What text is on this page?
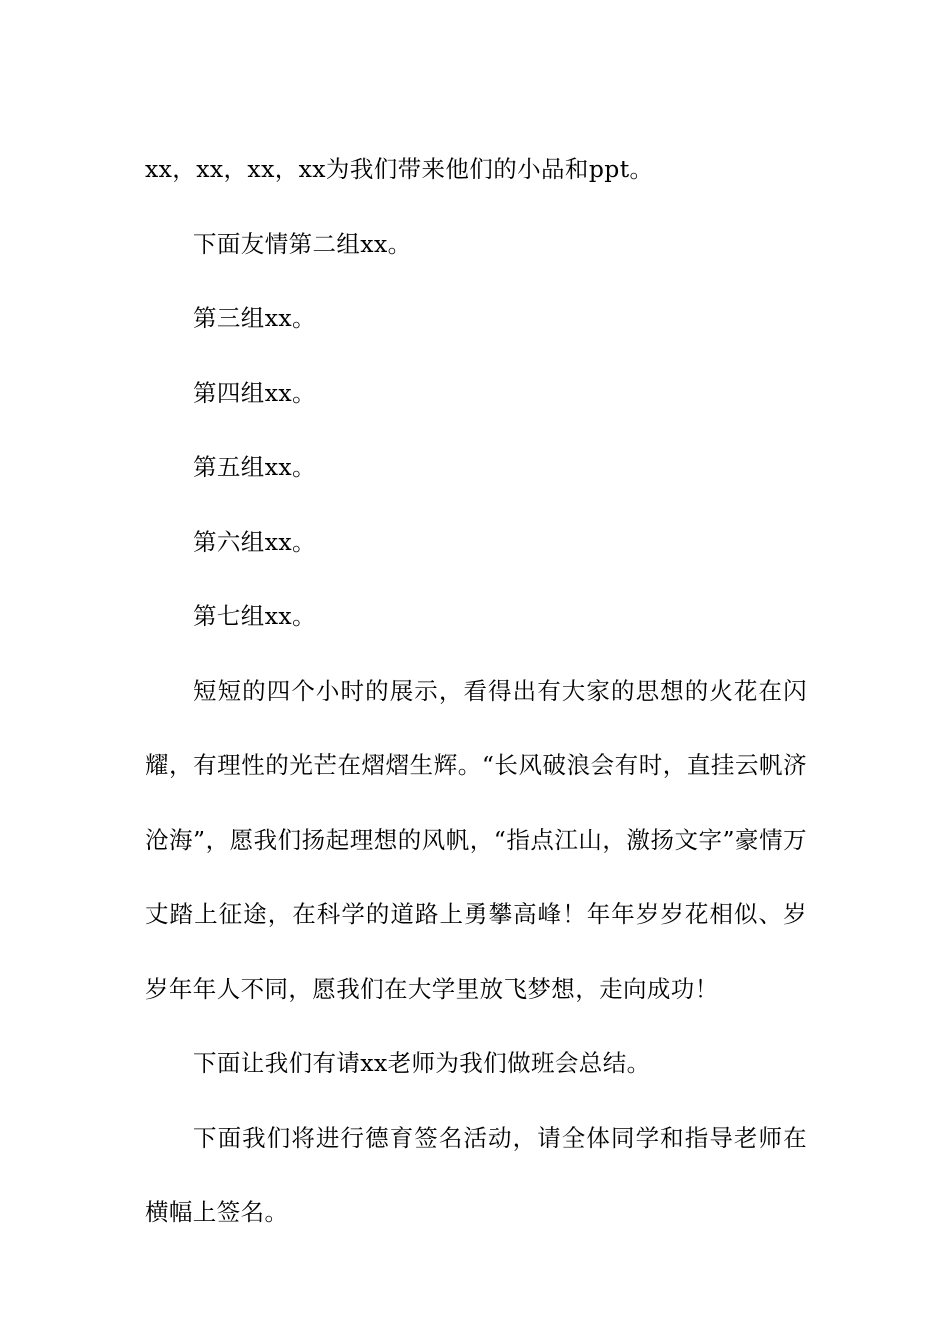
xx，xx，xx，xx为我们带来他们的小品和ppt。

下面友情第二组xx。

第三组xx。

第四组xx。

第五组xx。

第六组xx。

第七组xx。

短短的四个小时的展示，看得出有大家的思想的火花在闪耀，有理性的光芒在熠熠生辉。“长风破浪会有时，直挂云帆济沧海”，愿我们扬起理想的风帆，“指点江山，激扬文字”豪情万丈踏上征途，在科学的道路上勇攀高峰！年年岁岁花相似、岁岁年年人不同，愿我们在大学里放飞梦想，走向成功！

下面让我们有请xx老师为我们做班会总结。

下面我们将进行德育签名活动，请全体同学和指导老师在横幅上签名。
